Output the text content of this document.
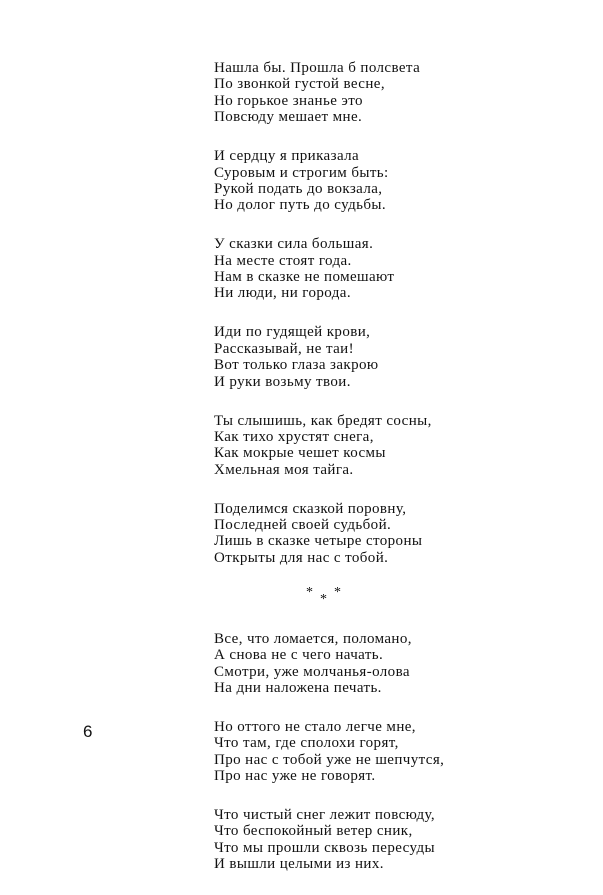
Нашла бы. Прошла б полсвета
По звонкой густой весне,
Но горькое знанье это
Повсюду мешает мне.
И сердцу я приказала
Суровым и строгим быть:
Рукой подать до вокзала,
Но долог путь до судьбы.
У сказки сила большая.
На месте стоят года.
Нам в сказке не помешают
Ни люди, ни города.
Иди по гудящей крови,
Рассказывай, не таи!
Вот только глаза закрою
И руки возьму твои.
Ты слышишь, как бредят сосны,
Как тихо хрустят снега,
Как мокрые чешет космы
Хмельная моя тайга.
Поделимся сказкой поровну,
Последней своей судьбой.
Лишь в сказке четыре стороны
Открыты для нас с тобой.
* *
*
Все, что ломается, поломано,
А снова не с чего начать.
Смотри, уже молчанья-олова
На дни наложена печать.
Но оттого не стало легче мне,
Что там, где сполохи горят,
Про нас с тобой уже не шепчутся,
Про нас уже не говорят.
Что чистый снег лежит повсюду,
Что беспокойный ветер сник,
Что мы прошли сквозь пересуды
И вышли целыми из них.
6
